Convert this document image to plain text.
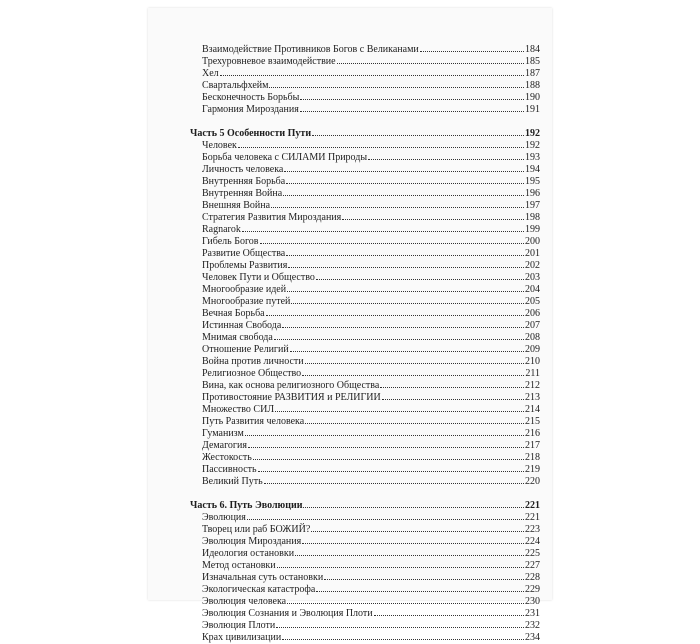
Взаимодействие Противников Богов с Великанами	184
Трехуровневое взаимодействие	185
Хел	187
Свартальфхейм	188
Бесконечность Борьбы	190
Гармония Мироздания	191
Часть 5 Особенности Пути	192
Человек	192
Борьба человека с СИЛАМИ Природы	193
Личность человека	194
Внутренняя Борьба	195
Внутренняя Война	196
Внешняя Война	197
Стратегия Развития Мироздания	198
Ragnarok	199
Гибель Богов	200
Развитие Общества	201
Проблемы Развития	202
Человек Пути и Общество	203
Многообразие идей	204
Многообразие путей	205
Вечная Борьба	206
Истинная Свобода	207
Мнимая свобода	208
Отношение Религий	209
Война против личности	210
Религиозное Общество	211
Вина, как основа религиозного Общества	212
Противостояние РАЗВИТИЯ и РЕЛИГИИ	213
Множество СИЛ	214
Путь Развития человека	215
Гуманизм	216
Демагогия	217
Жестокость	218
Пассивность	219
Великий Путь	220
Часть 6. Путь Эволюции	221
Эволюция	221
Творец или раб БОЖИЙ?	223
Эволюция Мироздания	224
Идеология остановки	225
Метод остановки	227
Изначальная суть остановки	228
Экологическая катастрофа	229
Эволюция человека	230
Эволюция Сознания и Эволюция Плоти	231
Эволюция Плоти	232
Крах цивилизации	234
